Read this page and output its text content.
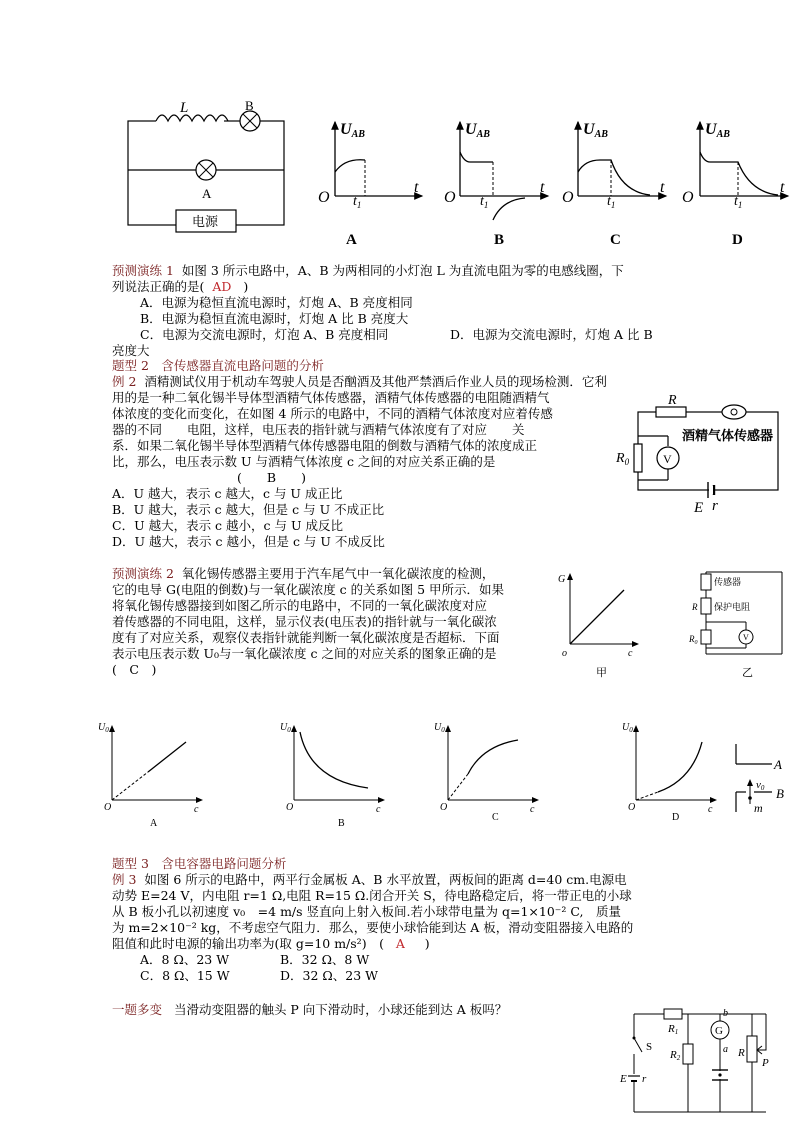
L	B
A
电源
UAB
O $t_1$
t
A
UAB
O $t_1$
t
B
UAB
O $t_1$
t
C
UAB
O	$t_1$
t
D
预测演练 1 如图 3 所示电路中，A、B 为两相同的小灯泡 L 为直流电阻为零的电感线圈，下
列说法正确的是( AD )
A．电源为稳恒直流电源时，灯炮 A、B 亮度相同
B．电源为稳恒直流电源时，灯炮 A 比 B 亮度大
C．电源为交流电源时，灯泡 A、B 亮度相同	D．电源为交流电源时，灯炮 A 比 B
亮度大
题型 2　含传感器直流电路问题的分析
例 2 酒精测试仪用于机动车驾驶人员是否酗酒及其他严禁酒后作业人员的现场检测．它利
用的是一种二氧化锡半导体型酒精气体传感器，酒精气体传感器的电阻随酒精气
体浓度的变化而变化，在如图 4 所示的电路中，不同的酒精气体浓度对应着传感
器的不同　　电阻，这样，电压表的指针就与酒精气体浓度有了对应　　关
系．如果二氧化锡半导体型酒精气体传感器电阻的倒数与酒精气体的浓度成正
比，那么，电压表示数 U 与酒精气体浓度 c 之间的对应关系正确的是
(　　B　　)
A．U 越大，表示 c 越大，c 与 U 成正比
B．U 越大，表示 c 越大，但是 c 与 U 不成正比
C．U 越大，表示 c 越小，c 与 U 成反比
D．U 越大，表示 c 越小，但是 c 与 U 不成反比
R
酒精气体传感器
$R_0$	V
E r
预测演练 2 氧化锡传感器主要用于汽车尾气中一氧化碳浓度的检测，
它的电导 G(电阻的倒数)与一氧化碳浓度 c 的关系如图 5 甲所示．如果
将氧化锡传感器接到如图乙所示的电路中，不同的一氧化碳浓度对应
着传感器的不同电阻，这样，显示仪表(电压表)的指针就与一氧化碳浓
度有了对应关系，观察仪表指针就能判断一氧化碳浓度是否超标．下面
表示电压表示数 U₀与一氧化碳浓度 c 之间的对应关系的图象正确的是
(　C　)
G
o	c
甲
传感器
R 保护电阻
$R_0$
V
乙
$U_0$
O	c
A
$U_0$
O	c
B
$U_0$
O	c
C
$U_0$
O	c
D
A
v0 B
m
题型 3　含电容器电路问题分析
例 3 如图 6 所示的电路中，两平行金属板 A、B 水平放置，两板间的距离 d=40 cm.电源电
动势 E=24 V，内电阻 r=1 Ω,电阻 R=15 Ω.闭合开关 S，待电路稳定后，将一带正电的小球
从 B 板小孔以初速度 v₀　=4 m/s 竖直向上射入板间.若小球带电量为 q=1×10⁻² C,　质量
为 m=2×10⁻² kg，不考虑空气阻力．那么，要使小球恰能到达 A 板，滑动变阻器接入电路的
阻值和此时电源的输出功率为(取 g=10 m/s²)　( A )
A．8 Ω、23 W	B．32 Ω、8 W
C．8 Ω、15 W	D．32 Ω、23 W
一题多变 当滑动变阻器的触头 P 向下滑动时，小球还能到达 A 板吗？
S
R1
R2
G
a
b
R
P
E r
